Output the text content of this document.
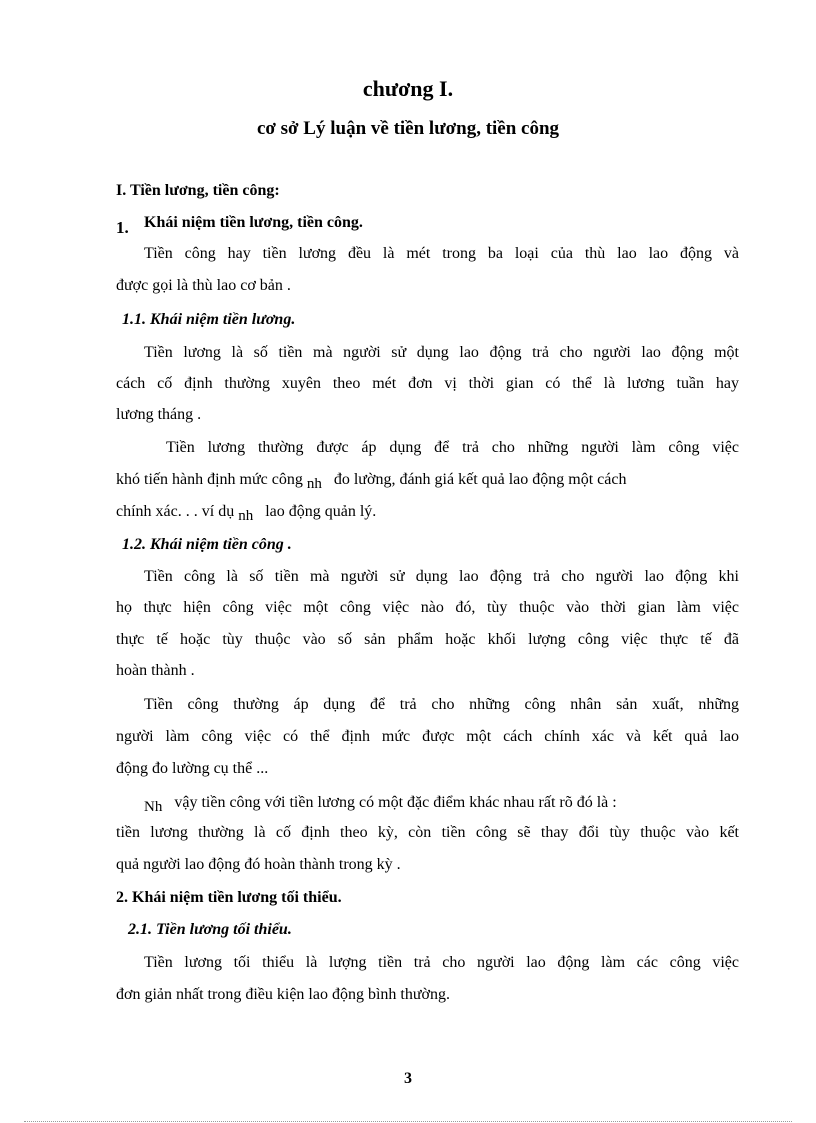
chương I.
cơ sở Lý luận về tiền lương, tiền công

I. Tiền lương, tiền công:

1. Khái niệm tiền lương, tiền công.

Tiền công hay tiền lương đều là mét trong ba loại của thù lao lao động và

được gọi là thù lao cơ bản .

1.1. Khái niệm tiền lương.

Tiền lương là số tiền mà người sử dụng lao động trả cho người lao động một

cách cố định thường xuyên theo mét đơn vị thời gian có thể là lương tuần hay

lương tháng .

Tiền lương thường được áp dụng để trả cho những người làm công việc

khó tiến hành định mức công nh đo lường, đánh giá kết quả lao động một cách

chính xác. . . ví dụ nh lao động quản lý.

1.2. Khái niệm tiền công .

Tiền công là số tiền mà người sử dụng lao động trả cho người lao động khi

họ thực hiện công việc một công việc nào đó, tùy thuộc vào thời gian làm việc

thực tế hoặc tùy thuộc vào số sản phẩm hoặc khối lượng công việc thực tế đã

hoàn thành .

Tiền công thường áp dụng để trả cho những công nhân sản xuất, những

người làm công việc có thể định mức được một cách chính xác và kết quả lao

động đo lường cụ thể ...

Nh vậy tiền công với tiền lương có một đặc điểm khác nhau rất rõ đó là :

tiền lương thường là cố định theo kỳ, còn tiền công sẽ thay đổi tùy thuộc vào kết

quả người lao động đó hoàn thành trong kỳ .

2. Khái niệm tiền lương tối thiểu.

2.1. Tiền lương tối thiểu.

Tiền lương tối thiểu là lượng tiền trả cho người lao động làm các công việc

đơn giản nhất trong điều kiện lao động bình thường.

3
